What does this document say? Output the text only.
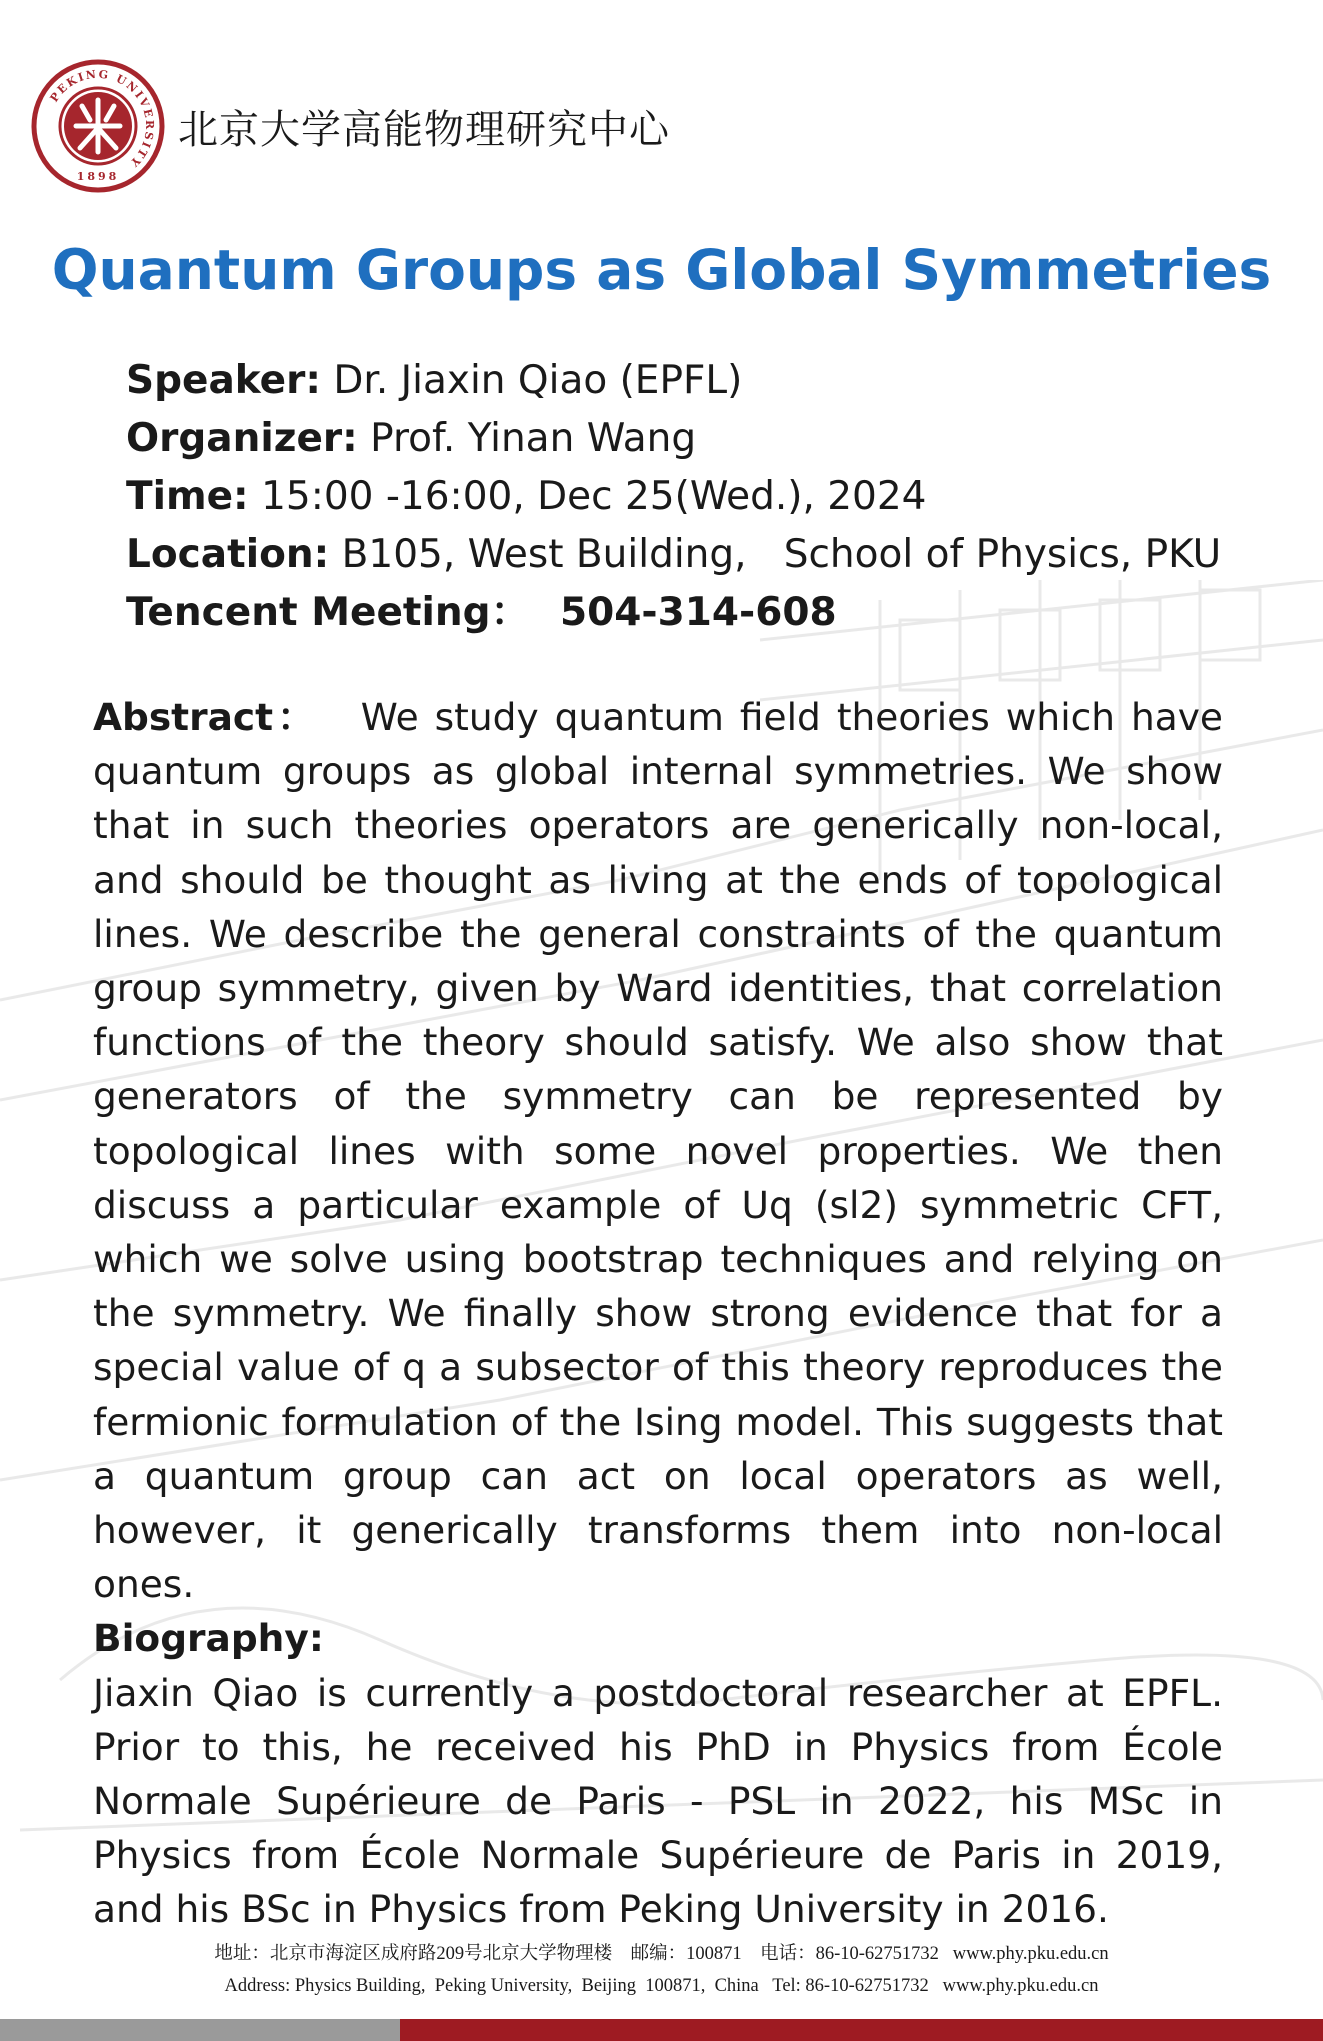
PEKING UNIVERSITY
1898
北京大学高能物理研究中心
Quantum Groups as Global Symmetries
Speaker: Dr. Jiaxin Qiao (EPFL)
Organizer: Prof. Yinan Wang
Time: 15:00 -16:00, Dec 25(Wed.), 2024
Location: B105, West Building,   School of Physics, PKU
Tencent Meeting： 504-314-608

Abstract： We study quantum field theories which have quantum groups as global internal symmetries. We show that in such theories operators are generically non-local, and should be thought as living at the ends of topological lines. We describe the general constraints of the quantum group symmetry, given by Ward identities, that correlation functions of the theory should satisfy. We also show that generators of the symmetry can be represented by topological lines with some novel properties. We then discuss a particular example of Uq (sl2) symmetric CFT, which we solve using bootstrap techniques and relying on the symmetry. We finally show strong evidence that for a special value of q a subsector of this theory reproduces the fermionic formulation of the Ising model. This suggests that a quantum group can act on local operators as well, however, it generically transforms them into non-local ones.

Biography:

Jiaxin Qiao is currently a postdoctoral researcher at EPFL. Prior to this, he received his PhD in Physics from École Normale Supérieure de Paris - PSL in 2022, his MSc in Physics from École Normale Supérieure de Paris in 2019, and his BSc in Physics from Peking University in 2016.

地址：北京市海淀区成府路209号北京大学物理楼    邮编：100871    电话：86-10-62751732   www.phy.pku.edu.cn
Address: Physics Building,  Peking University,  Beijing  100871,  China   Tel: 86-10-62751732   www.phy.pku.edu.cn
